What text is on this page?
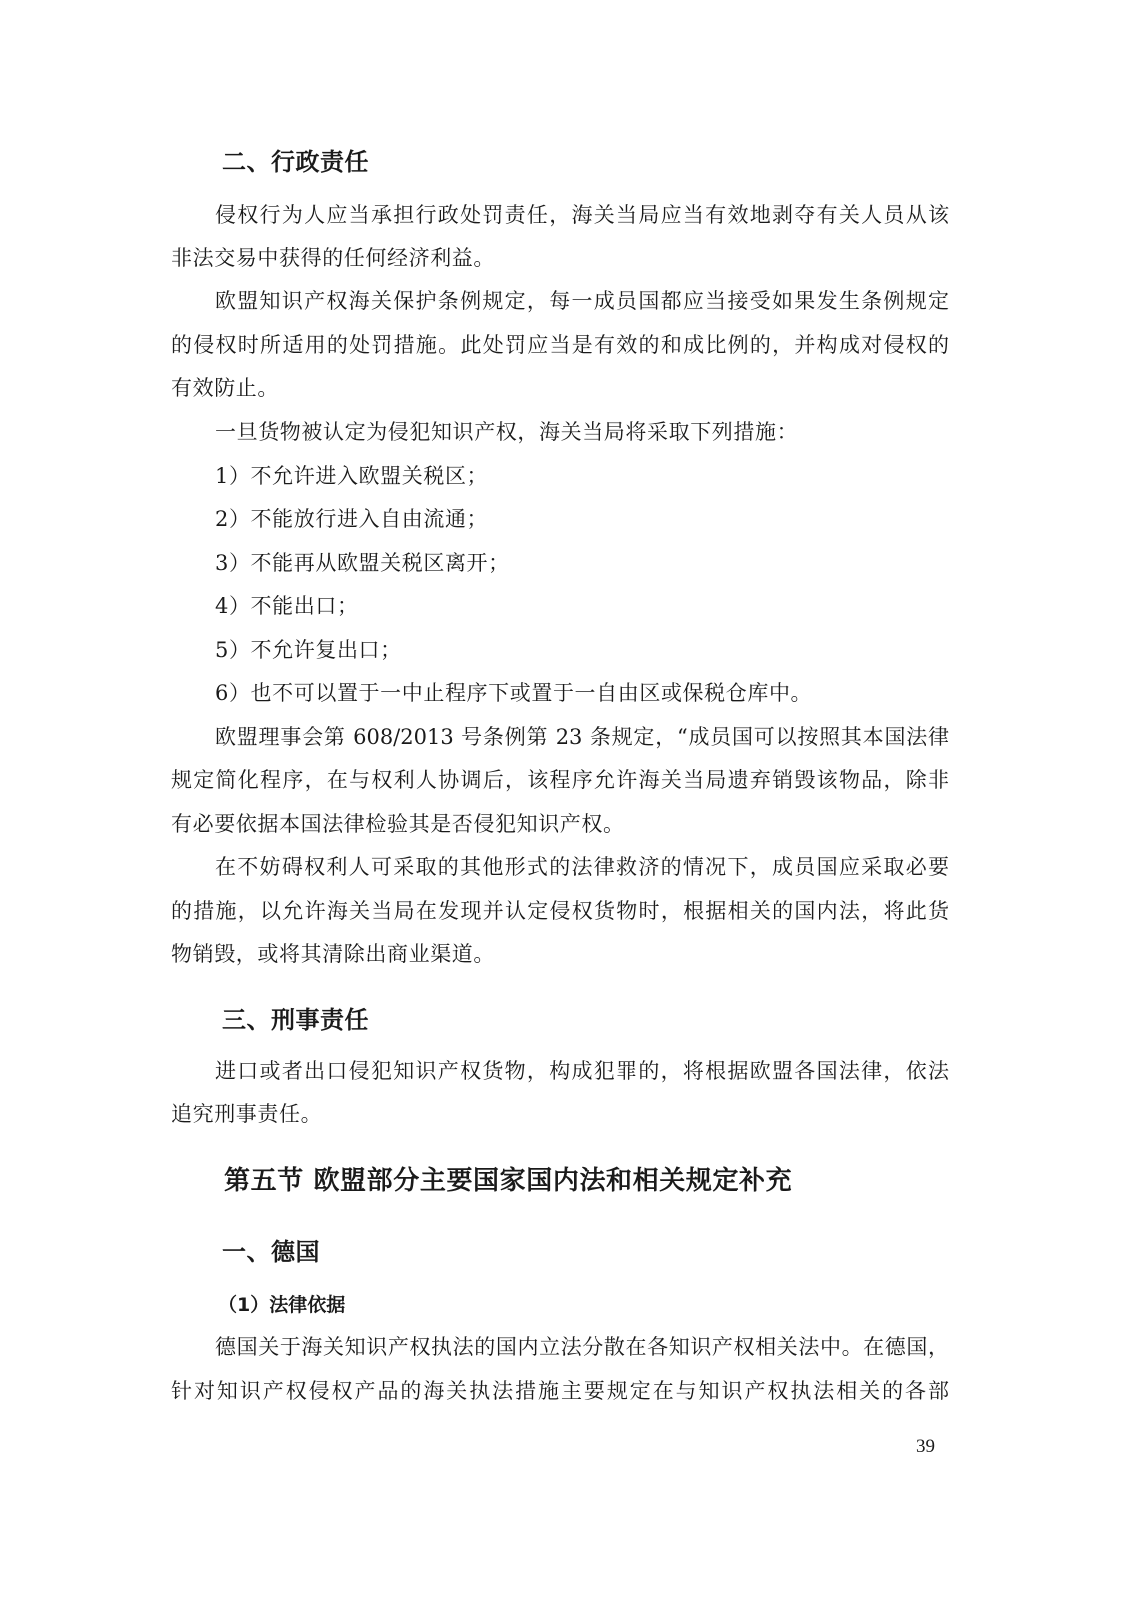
二、行政责任
侵权行为人应当承担行政处罚责任，海关当局应当有效地剥夺有关人员从该
非法交易中获得的任何经济利益。
欧盟知识产权海关保护条例规定，每一成员国都应当接受如果发生条例规定
的侵权时所适用的处罚措施。此处罚应当是有效的和成比例的，并构成对侵权的
有效防止。
一旦货物被认定为侵犯知识产权，海关当局将采取下列措施：
1）不允许进入欧盟关税区；
2）不能放行进入自由流通；
3）不能再从欧盟关税区离开；
4）不能出口；
5）不允许复出口；
6）也不可以置于一中止程序下或置于一自由区或保税仓库中。
欧盟理事会第 608/2013 号条例第 23 条规定，“成员国可以按照其本国法律
规定简化程序，在与权利人协调后，该程序允许海关当局遗弃销毁该物品，除非
有必要依据本国法律检验其是否侵犯知识产权。
在不妨碍权利人可采取的其他形式的法律救济的情况下，成员国应采取必要
的措施，以允许海关当局在发现并认定侵权货物时，根据相关的国内法，将此货
物销毁，或将其清除出商业渠道。
三、刑事责任
进口或者出口侵犯知识产权货物，构成犯罪的，将根据欧盟各国法律，依法
追究刑事责任。
第五节 欧盟部分主要国家国内法和相关规定补充
一、德国
（1）法律依据
德国关于海关知识产权执法的国内立法分散在各知识产权相关法中。在德国，
针对知识产权侵权产品的海关执法措施主要规定在与知识产权执法相关的各部
39
